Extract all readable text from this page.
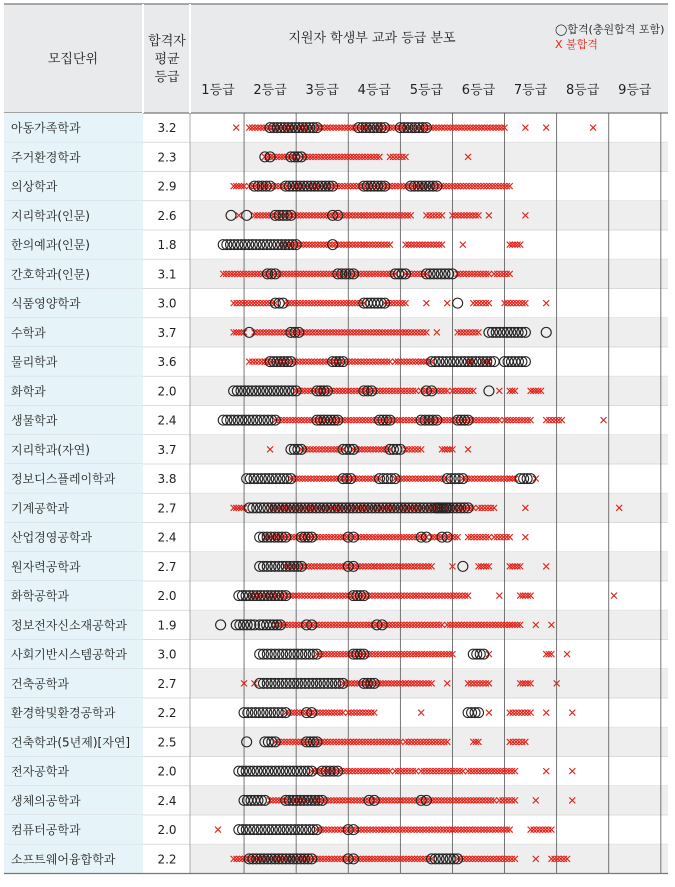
모집단위
합격자
평균
등급
지원자 학생부 교과 등급 분포
◯합격(충원합격 포함)
X 불합격
1등급 2등급 3등급 4등급 5등급 6등급 7등급 8등급 9등급
아동가족학과	3.2
주거환경학과	2.3
의상학과	2.9
지리학과(인문)	2.6
한의예과(인문)	1.8
간호학과(인문)	3.1
식품영양학과	3.0
수학과	3.7
물리학과	3.6
화학과	2.0
생물학과	2.4
지리학과(자연)	3.7
정보디스플레이학과	3.8
기계공학과	2.7
산업경영공학과	2.4
원자력공학과	2.7
화학공학과	2.0
정보전자신소재공학과	1.9
사회기반시스템공학과	3.0
건축공학과	2.7
환경학및환경공학과	2.2
건축학과(5년제)[자연] 2.5
전자공학과	2.0
생체의공학과	2.4
컴퓨터공학과	2.0
소프트웨어융합학과	2.2
